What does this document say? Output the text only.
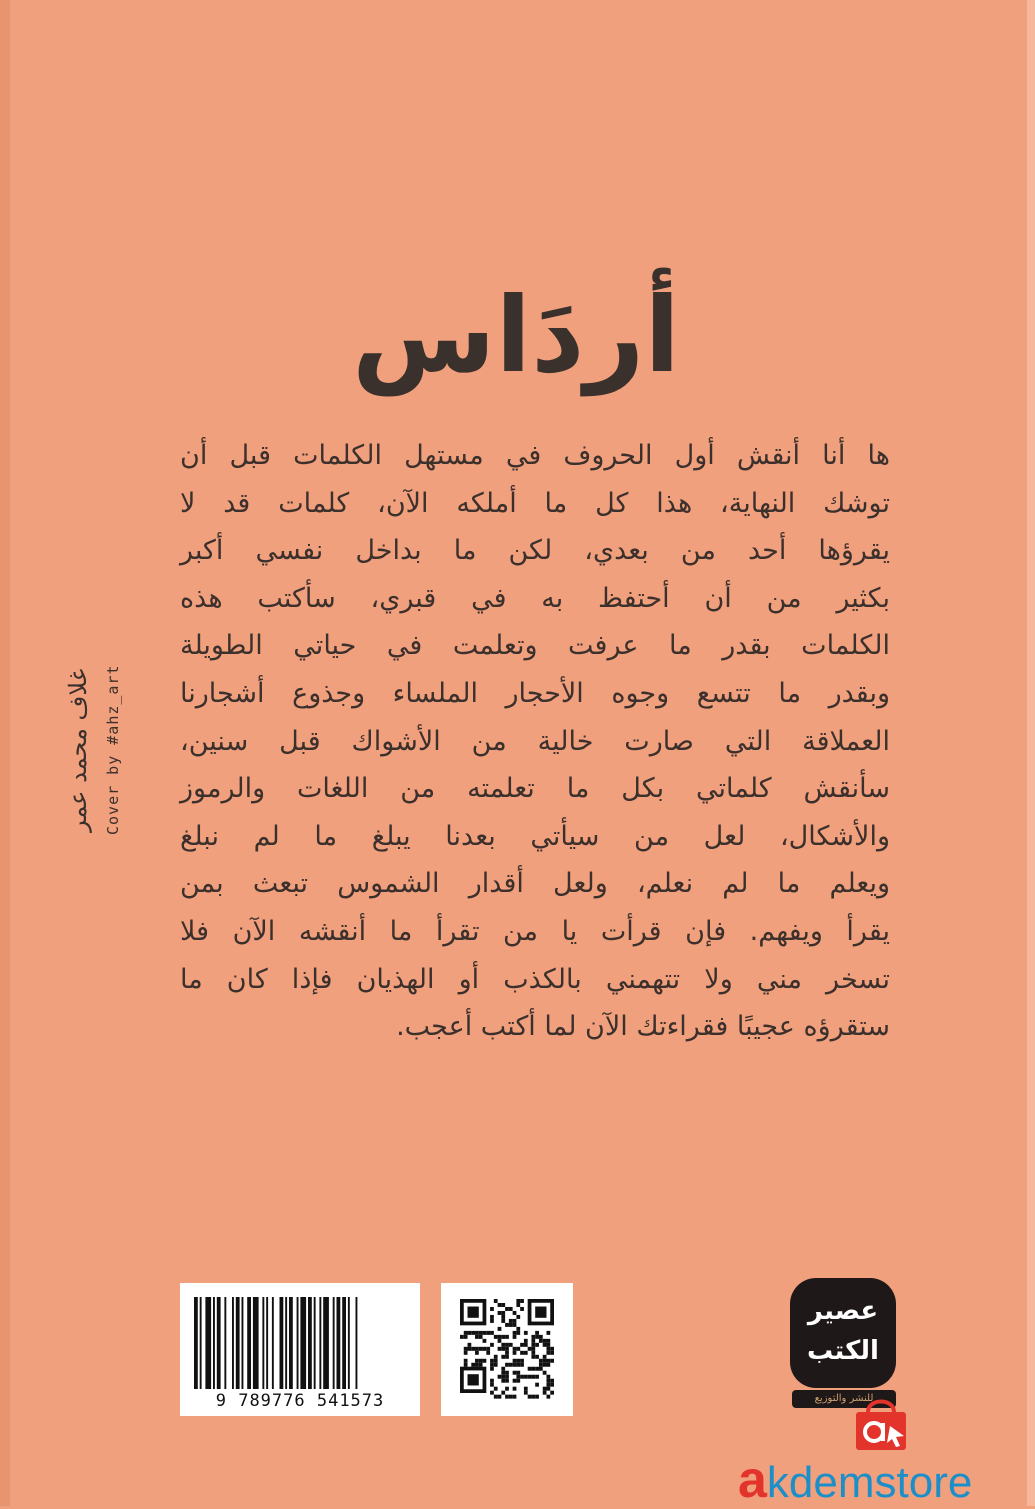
أردَاس
ARDAS
ها أنا أنقش أول الحروف في مستهل الكلمات قبل أن
توشك النهاية، هذا كل ما أملكه الآن، كلمات قد لا
يقرؤها أحد من بعدي، لكن ما بداخل نفسي أكبر
بكثير من أن أحتفظ به في قبري، سأكتب هذه
الكلمات بقدر ما عرفت وتعلمت في حياتي الطويلة
وبقدر ما تتسع وجوه الأحجار الملساء وجذوع أشجارنا
العملاقة التي صارت خالية من الأشواك قبل سنين،
سأنقش كلماتي بكل ما تعلمته من اللغات والرموز
والأشكال، لعل من سيأتي بعدنا يبلغ ما لم نبلغ
ويعلم ما لم نعلم، ولعل أقدار الشموس تبعث بمن
يقرأ ويفهم. فإن قرأت يا من تقرأ ما أنقشه الآن فلا
تسخر مني ولا تتهمني بالكذب أو الهذيان فإذا كان ما
ستقرؤه عجيبًا فقراءتك الآن لما أكتب أعجب.
غلاف محمد عمر Cover by #ahz_art
9 789776 541573
عصير
الكتب
للنشر والتوزيع
akdemstore
